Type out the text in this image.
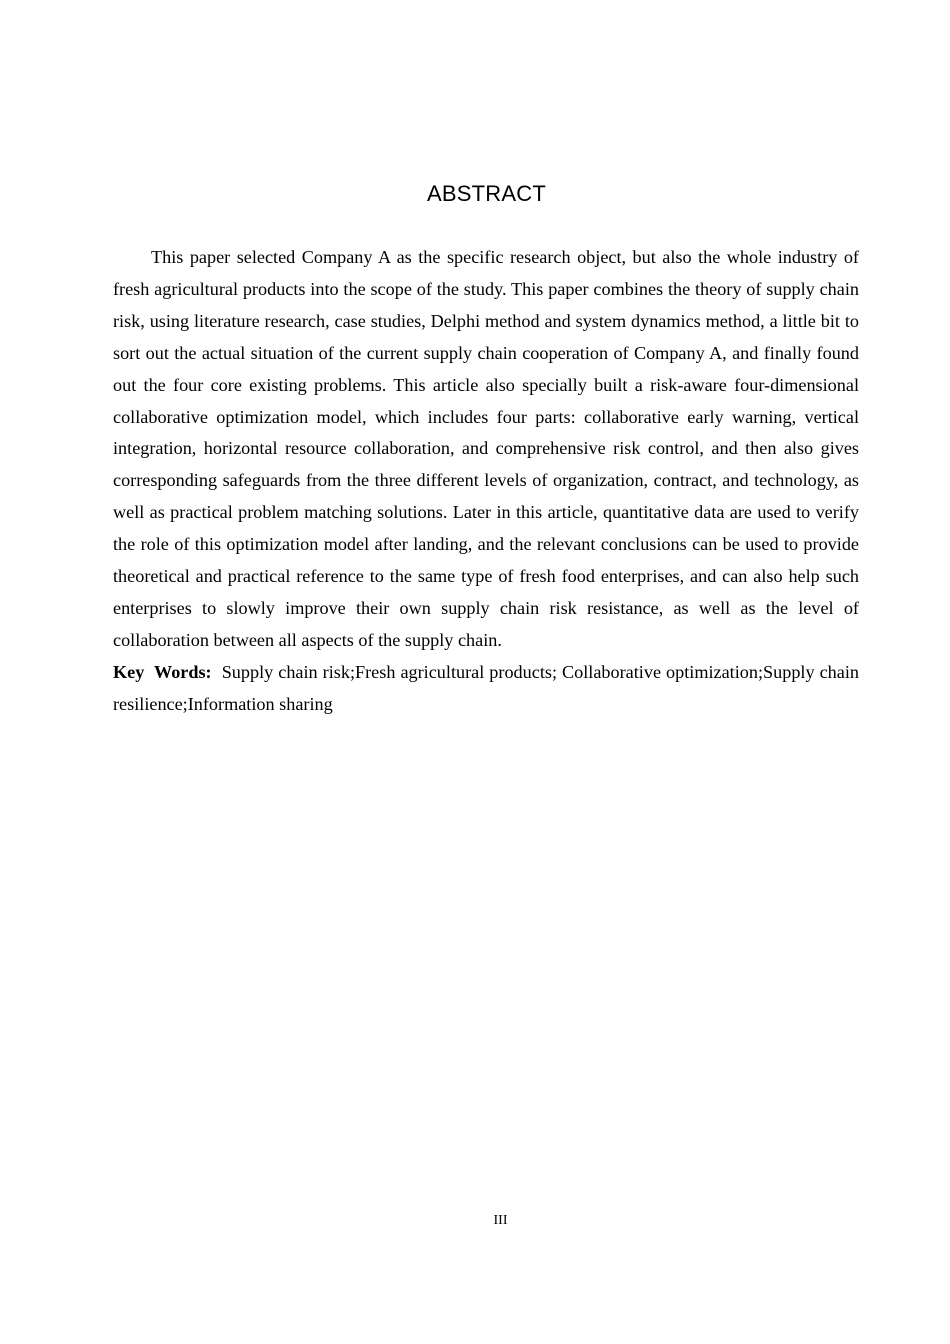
ABSTRACT

This paper selected Company A as the specific research object, but also the whole industry of fresh agricultural products into the scope of the study. This paper combines the theory of supply chain risk, using literature research, case studies, Delphi method and system dynamics method, a little bit to sort out the actual situation of the current supply chain cooperation of Company A, and finally found out the four core existing problems. This article also specially built a risk-aware four-dimensional collaborative optimization model, which includes four parts: collaborative early warning, vertical integration, horizontal resource collaboration, and comprehensive risk control, and then also gives corresponding safeguards from the three different levels of organization, contract, and technology, as well as practical problem matching solutions. Later in this article, quantitative data are used to verify the role of this optimization model after landing, and the relevant conclusions can be used to provide theoretical and practical reference to the same type of fresh food enterprises, and can also help such enterprises to slowly improve their own supply chain risk resistance, as well as the level of collaboration between all aspects of the supply chain.

Key Words: Supply chain risk;Fresh agricultural products; Collaborative optimization;Supply chain resilience;Information sharing

III
